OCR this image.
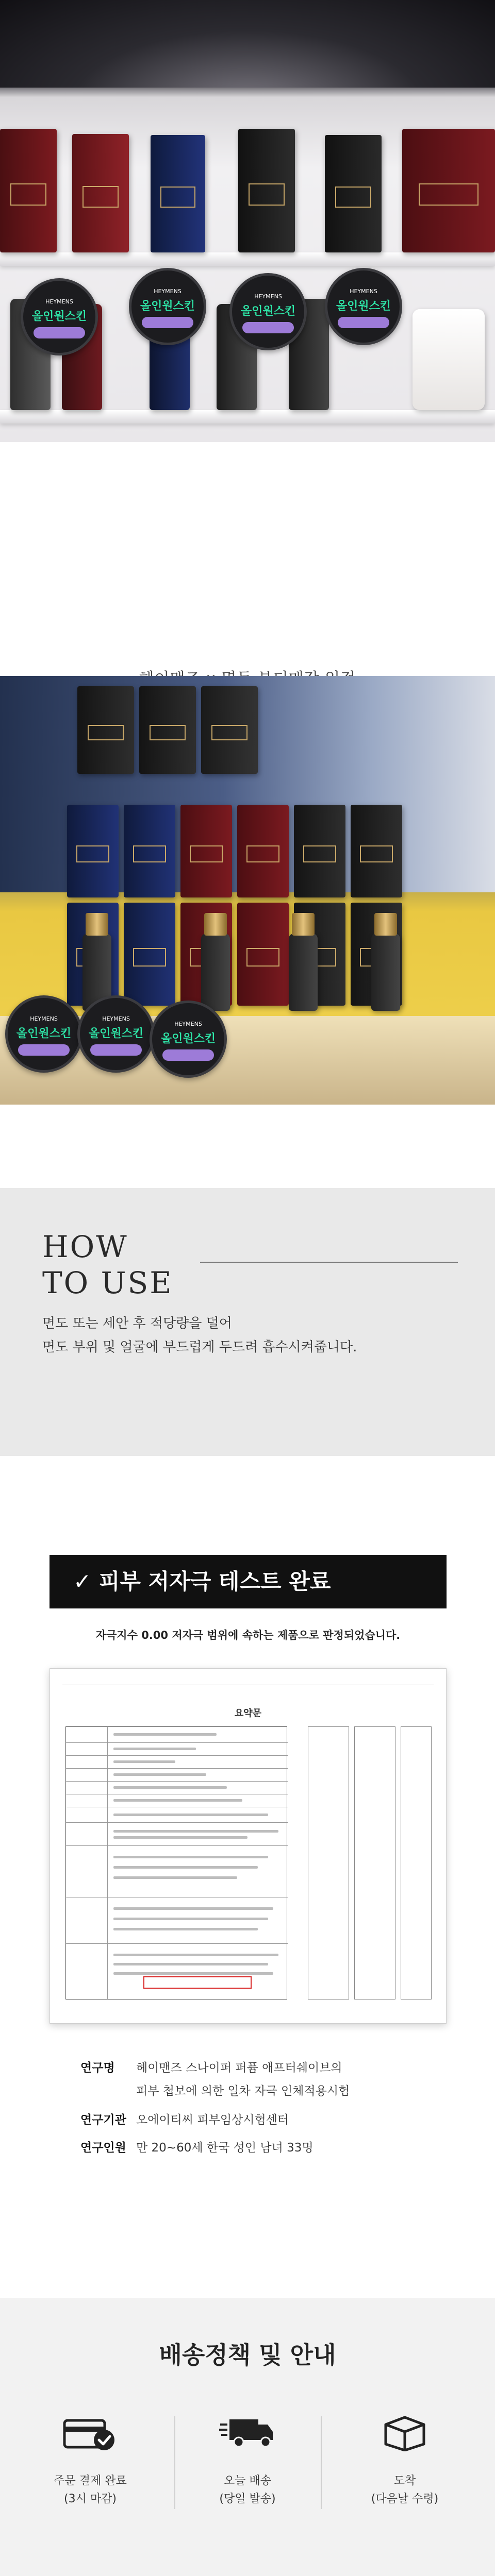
HEYMENS
올인원스킨
HEYMENS
올인원스킨
HEYMENS
올인원스킨
HEYMENS
올인원스킨
HEYMENS
올인원스킨
HEYMENS
올인원스킨
HEYMENS
올인원스킨
HOW
TO USE
면도 또는 세안 후 적당량을 덜어
면도 부위 및 얼굴에 부드럽게 두드려 흡수시켜줍니다.
✓ 피부 저자극 테스트 완료
자극지수 0.00 저자극 범위에 속하는 제품으로 판정되었습니다.
요약문
연구명 헤이맨즈 스나이퍼 퍼퓸 애프터쉐이브의
피부 첩보에 의한 일차 자극 인체적용시험
연구기관 오에이티씨 피부임상시험센터
연구인원 만 20~60세 한국 성인 남녀 33명
배송정책 및 안내
주문 결제 완료
(3시 마감)
오늘 배송
(당일 발송)
도착
(다음날 수령)
